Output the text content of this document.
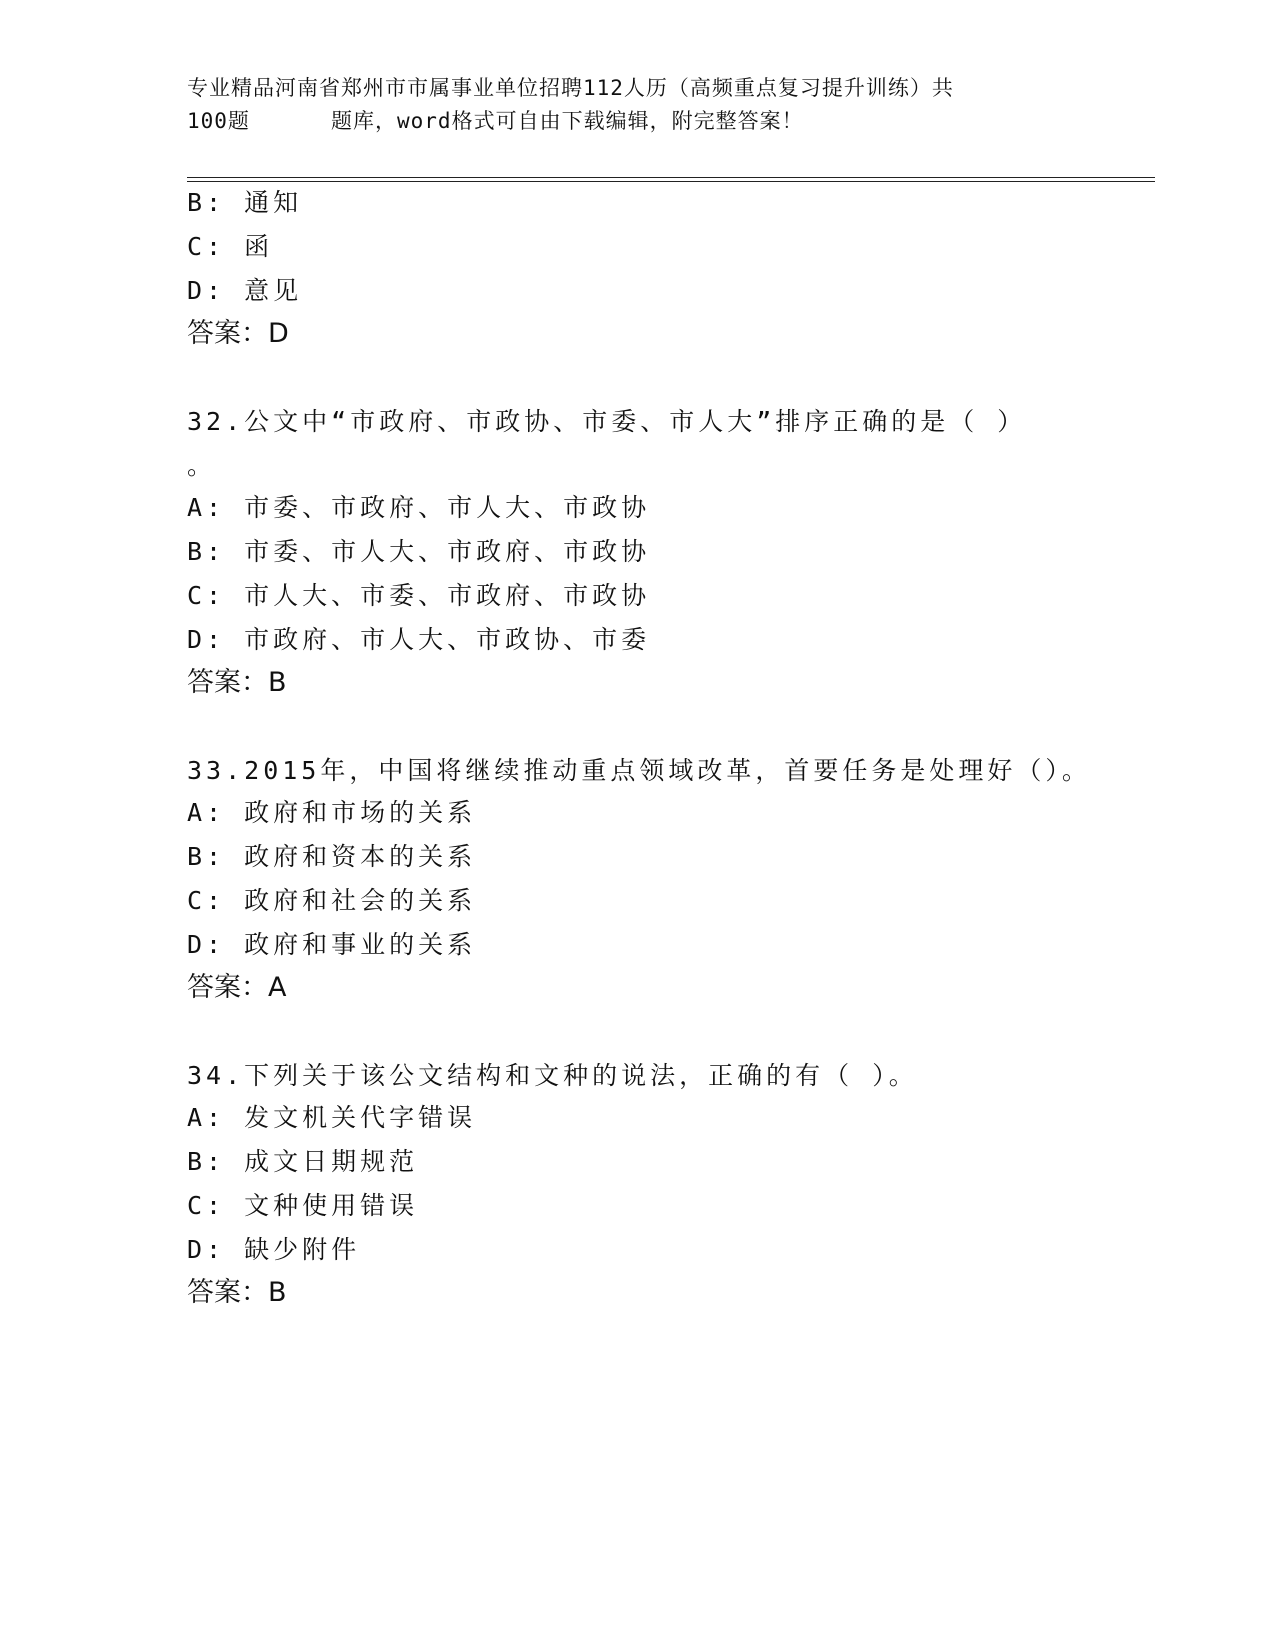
专业精品河南省郑州市市属事业单位招聘112人历（高频重点复习提升训练）共
100题	题库，word格式可自由下载编辑，附完整答案！
B: 通知
C: 函
D: 意见
答案：D
32.公文中“市政府、市政协、市委、市人大”排序正确的是（ ）
。
A: 市委、市政府、市人大、市政协
B: 市委、市人大、市政府、市政协
C: 市人大、市委、市政府、市政协
D: 市政府、市人大、市政协、市委
答案：B
33.2015年，中国将继续推动重点领域改革，首要任务是处理好（）。
A: 政府和市场的关系
B: 政府和资本的关系
C: 政府和社会的关系
D: 政府和事业的关系
答案：A
34.下列关于该公文结构和文种的说法，正确的有（ ）。
A: 发文机关代字错误
B: 成文日期规范
C: 文种使用错误
D: 缺少附件
答案：B
